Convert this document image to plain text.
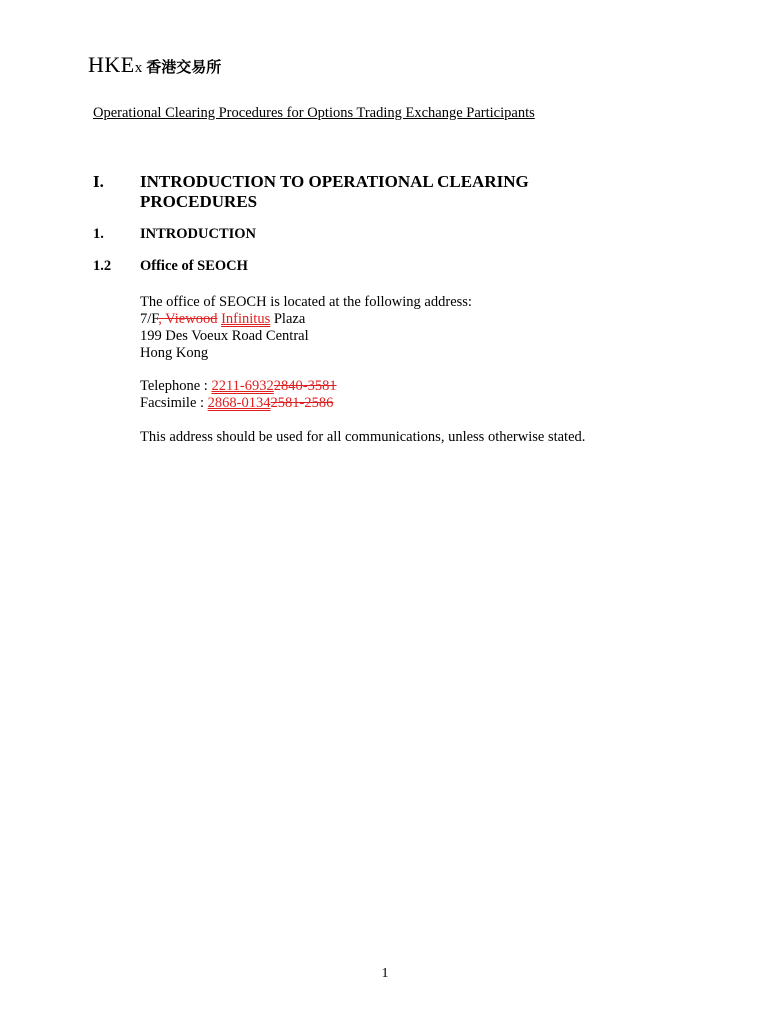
HKE x 香港交易所
Operational Clearing Procedures for Options Trading Exchange Participants
I. INTRODUCTION TO OPERATIONAL CLEARING PROCEDURES
1. INTRODUCTION
1.2 Office of SEOCH
The office of SEOCH is located at the following address:
7/F, Viewood Infinitus Plaza
199 Des Voeux Road Central
Hong Kong
Telephone : 2211-69322840-3581
Facsimile : 2868-01342581-2586
This address should be used for all communications, unless otherwise stated.
1
